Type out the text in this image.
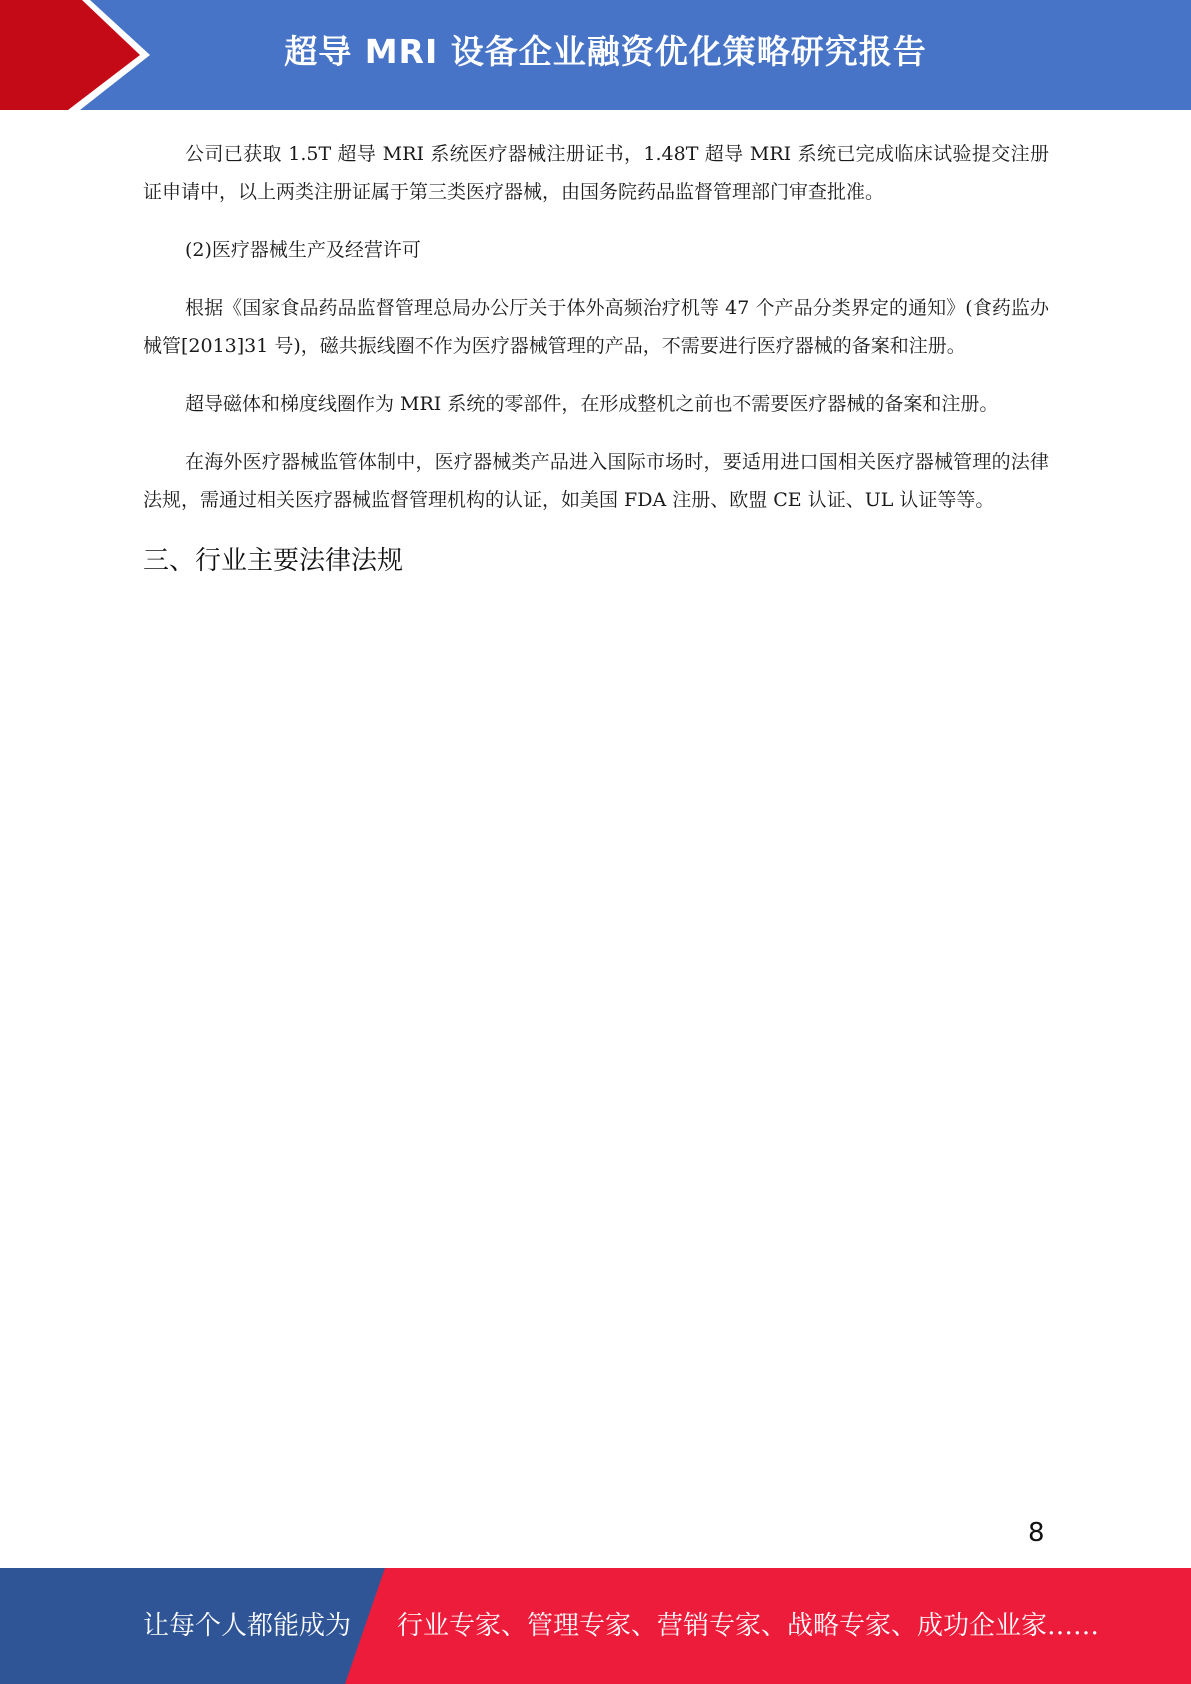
超导 MRI 设备企业融资优化策略研究报告

公司已获取 1.5T 超导 MRI 系统医疗器械注册证书，1.48T 超导 MRI 系统已完成临床试验提交注册证申请中，以上两类注册证属于第三类医疗器械，由国务院药品监督管理部门审查批准。

(2)医疗器械生产及经营许可

根据《国家食品药品监督管理总局办公厅关于体外高频治疗机等 47 个产品分类界定的通知》(食药监办械管[2013]31 号)，磁共振线圈不作为医疗器械管理的产品，不需要进行医疗器械的备案和注册。

超导磁体和梯度线圈作为 MRI 系统的零部件，在形成整机之前也不需要医疗器械的备案和注册。

在海外医疗器械监管体制中，医疗器械类产品进入国际市场时，要适用进口国相关医疗器械管理的法律法规，需通过相关医疗器械监督管理机构的认证，如美国 FDA 注册、欧盟 CE 认证、UL 认证等等。

三、行业主要法律法规
8
让每个人都能成为 行业专家、管理专家、营销专家、战略专家、成功企业家……
